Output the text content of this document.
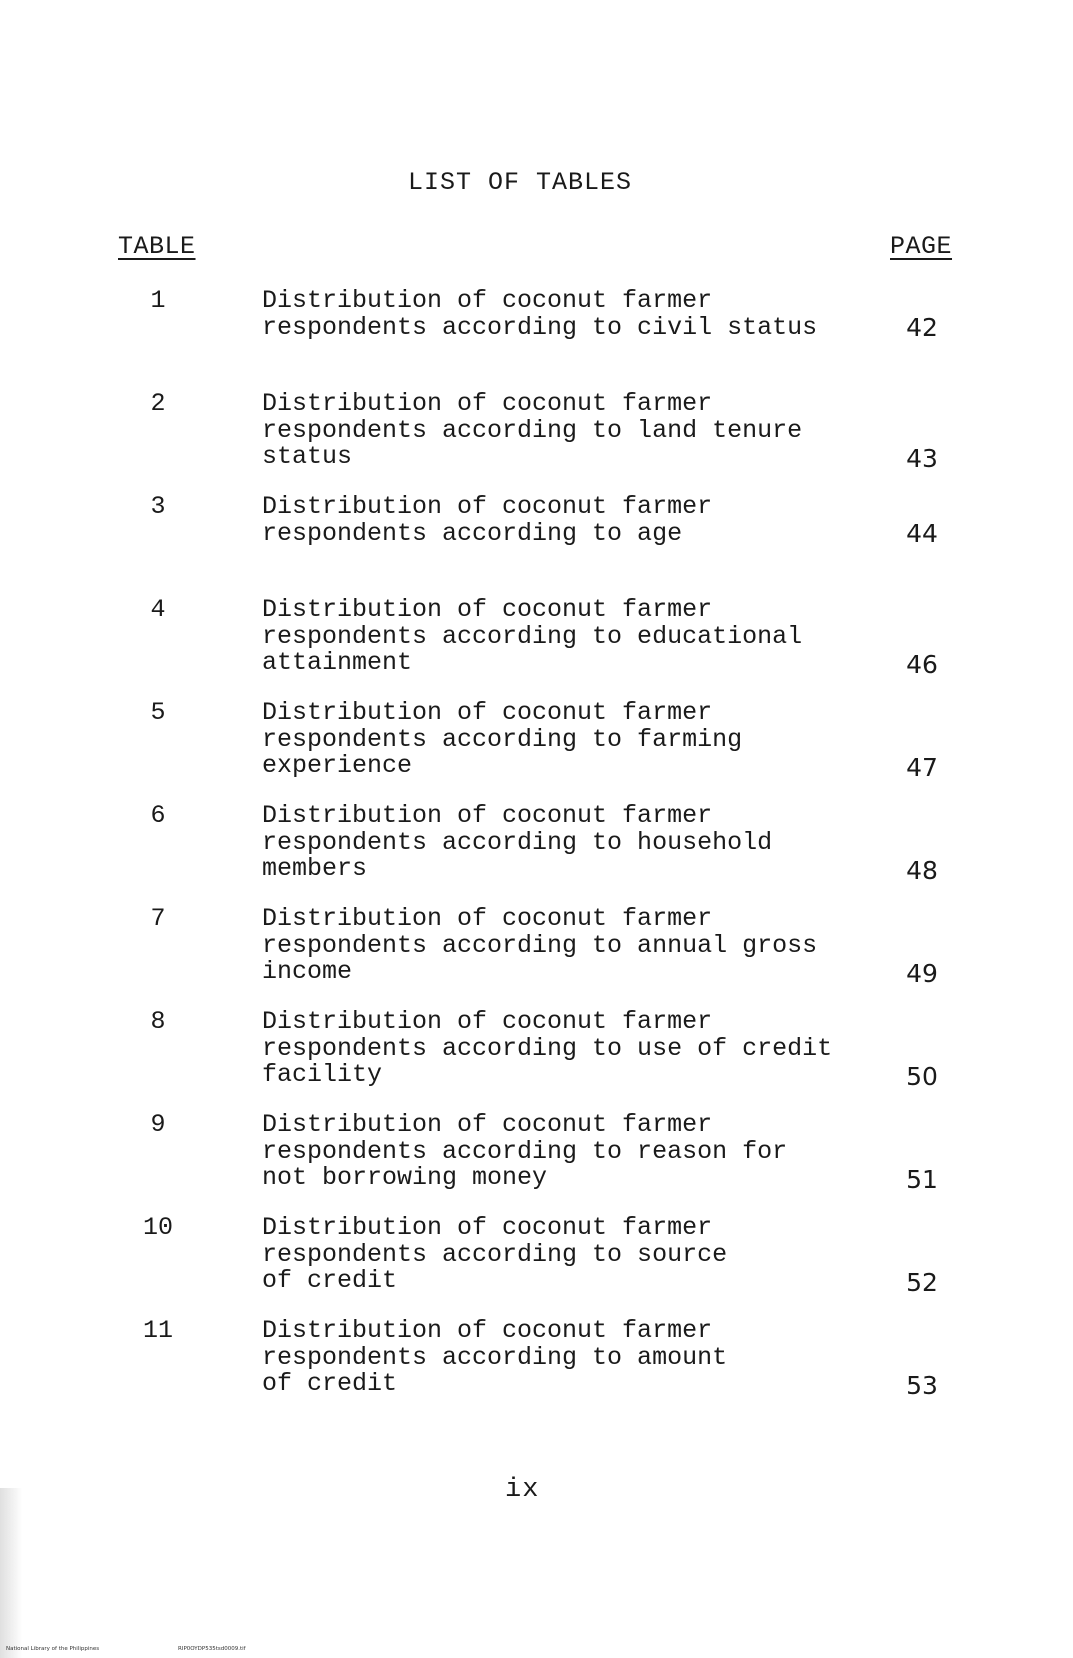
LIST OF TABLES
TABLE	PAGE
1	Distribution of coconut farmer
respondents according to civil status	42
2	Distribution of coconut farmer
respondents according to land tenure
status	43
3	Distribution of coconut farmer
respondents according to age	44
4	Distribution of coconut farmer
respondents according to educational
attainment	46
5	Distribution of coconut farmer
respondents according to farming
experience	47
6	Distribution of coconut farmer
respondents according to household
members	48
7	Distribution of coconut farmer
respondents according to annual gross
income	49
8	Distribution of coconut farmer
respondents according to use of credit
facility	50
9	Distribution of coconut farmer
respondents according to reason for
not borrowing money	51
10	Distribution of coconut farmer
respondents according to source
of credit	52
11	Distribution of coconut farmer
respondents according to amount
of credit	53
ix
National Library of the Philippines	RIP0OYDP535tsd0009.tif
